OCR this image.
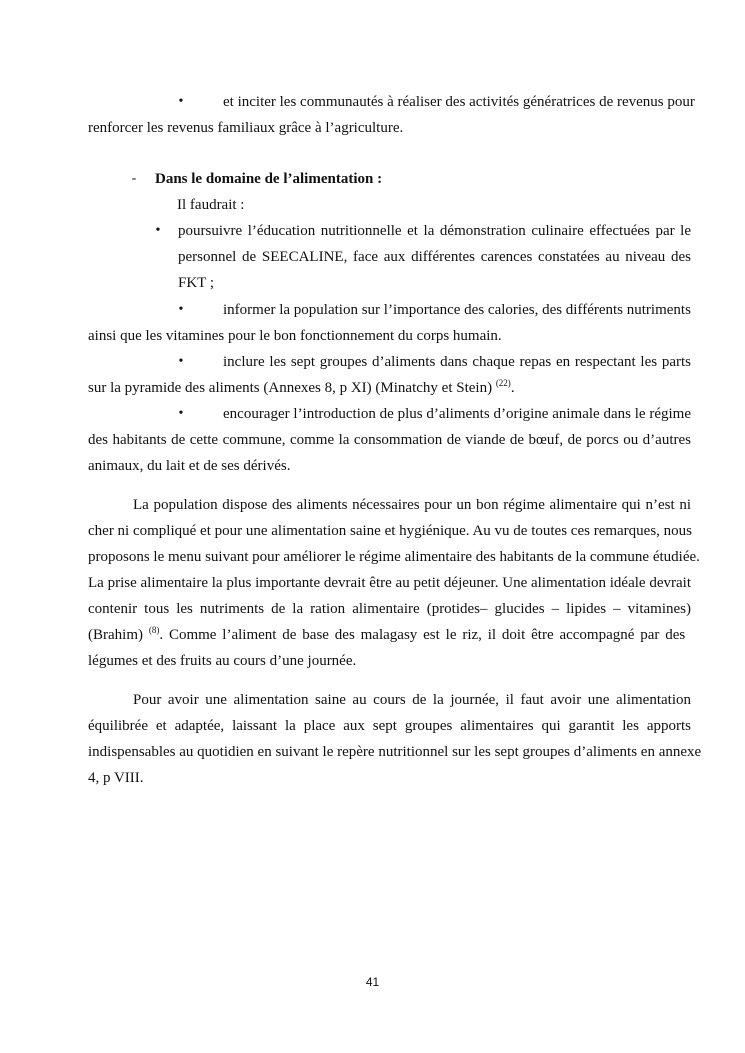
•	et inciter les communautés à réaliser des activités génératrices de revenus pour
renforcer les revenus familiaux grâce à l’agriculture.
- Dans le domaine de l’alimentation :
Il faudrait :
• poursuivre l’éducation nutritionnelle et la démonstration culinaire effectuées par le
personnel de SEECALINE, face aux différentes carences constatées au niveau des
FKT ;
•	informer la population sur l’importance des calories, des différents nutriments
ainsi que les vitamines pour le bon fonctionnement du corps humain.
•	inclure les sept groupes d’aliments dans chaque repas en respectant les parts
sur la pyramide des aliments (Annexes 8, p XI) (Minatchy et Stein) $^{(22)}$.
•	encourager l’introduction de plus d’aliments d’origine animale dans le régime
des habitants de cette commune, comme la consommation de viande de bœuf, de porcs ou d’autres
animaux, du lait et de ses dérivés.
La population dispose des aliments nécessaires pour un bon régime alimentaire qui n’est ni
cher ni compliqué et pour une alimentation saine et hygiénique. Au vu de toutes ces remarques, nous
proposons le menu suivant pour améliorer le régime alimentaire des habitants de la commune étudiée.
La prise alimentaire la plus importante devrait être au petit déjeuner. Une alimentation idéale devrait
contenir tous les nutriments de la ration alimentaire (protides– glucides – lipides – vitamines)
(Brahim) $^{(8)}$. Comme l’aliment de base des malagasy est le riz, il doit être accompagné par des
légumes et des fruits au cours d’une journée.
Pour avoir une alimentation saine au cours de la journée, il faut avoir une alimentation
équilibrée et adaptée, laissant la place aux sept groupes alimentaires qui garantit les apports
indispensables au quotidien en suivant le repère nutritionnel sur les sept groupes d’aliments en annexe
4, p VIII.
41
